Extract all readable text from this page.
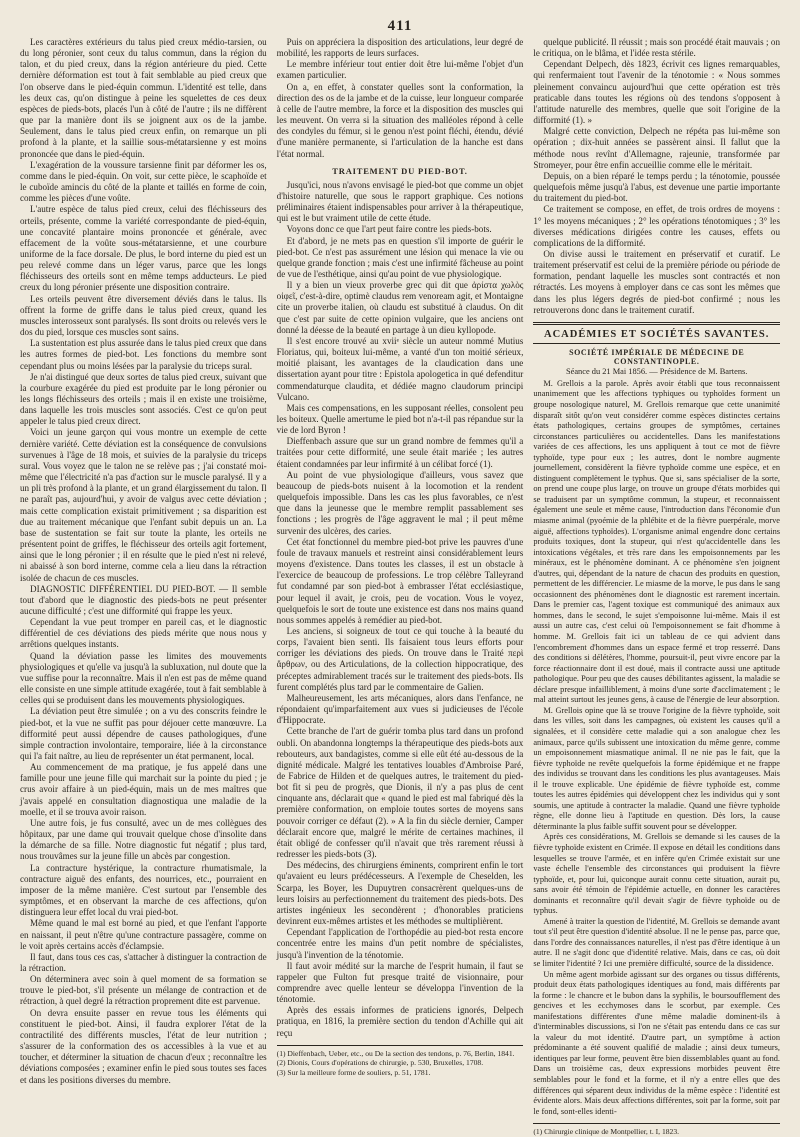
411

Les caractères extérieurs du talus pied creux médio-tarsien, ou du long péronier, sont ceux du talus commun, dans la région du talon, et du pied creux, dans la région antérieure du pied. Cette dernière déformation est tout à fait semblable au pied creux que l'on observe dans le pied-équin commun. L'identité est telle, dans les deux cas, qu'on distingue à peine les squelettes de ces deux espèces de pieds-bots, placés l'un à côté de l'autre ; ils ne diffèrent que par la manière dont ils se joignent aux os de la jambe. Seulement, dans le talus pied creux enfin, on remarque un pli profond à la plante, et la saillie sous-métatarsienne y est moins prononcée que dans le pied-équin.

L'exagération de la voussure tarsienne finit par déformer les os, comme dans le pied-équin. On voit, sur cette pièce, le scaphoïde et le cuboïde amincis du côté de la plante et taillés en forme de coin, comme les pièces d'une voûte.

L'autre espèce de talus pied creux, celui des fléchisseurs des orteils, présente, comme la variété correspondante de pied-équin, une concavité plantaire moins prononcée et générale, avec effacement de la voûte sous-métatarsienne, et une courbure uniforme de la face dorsale. De plus, le bord interne du pied est un peu relevé comme dans un léger varus, parce que les longs fléchisseurs des orteils sont en même temps adducteurs. Le pied creux du long péronier présente une disposition contraire.

Les orteils peuvent être diversement déviés dans le talus. Ils offrent la forme de griffe dans le talus pied creux, quand les muscles interosseux sont paralysés. Ils sont droits ou relevés vers le dos du pied, lorsque ces muscles sont sains.

La sustentation est plus assurée dans le talus pied creux que dans les autres formes de pied-bot. Les fonctions du membre sont cependant plus ou moins lésées par la paralysie du triceps sural.

Je n'ai distingué que deux sortes de talus pied creux, suivant que la courbure exagérée du pied est produite par le long péronier ou les longs fléchisseurs des orteils ; mais il en existe une troisième, dans laquelle les trois muscles sont associés. C'est ce qu'on peut appeler le talus pied creux direct.

Voici un jeune garçon qui vous montre un exemple de cette dernière variété. Cette déviation est la conséquence de convulsions survenues à l'âge de 18 mois, et suivies de la paralysie du triceps sural. Vous voyez que le talon ne se relève pas ; j'ai constaté moi-même que l'électricité n'a pas d'action sur le muscle paralysé. Il y a un pli très profond à la plante, et un grand élargissement du talon. Il ne paraît pas, aujourd'hui, y avoir de valgus avec cette déviation ; mais cette complication existait primitivement ; sa disparition est due au traitement mécanique que l'enfant subit depuis un an. La base de sustentation se fait sur toute la plante, les orteils ne présentent point de griffes, le fléchisseur des orteils agit fortement, ainsi que le long péronier ; il en résulte que le pied n'est ni relevé, ni abaissé à son bord interne, comme cela a lieu dans la rétraction isolée de chacun de ces muscles.

DIAGNOSTIC DIFFÉRENTIEL DU PIED-BOT. — Il semble tout d'abord que le diagnostic des pieds-bots ne peut présenter aucune difficulté ; c'est une difformité qui frappe les yeux.

Cependant la vue peut tromper en pareil cas, et le diagnostic différentiel de ces déviations des pieds mérite que nous nous y arrêtions quelques instants.

Quand la déviation passe les limites des mouvements physiologiques et qu'elle va jusqu'à la subluxation, nul doute que la vue suffise pour la reconnaître. Mais il n'en est pas de même quand elle consiste en une simple attitude exagérée, tout à fait semblable à celles qui se produisent dans les mouvements physiologiques.

La déviation peut être simulée ; on a vu des conscrits feindre le pied-bot, et la vue ne suffit pas pour déjouer cette manœuvre. La difformité peut aussi dépendre de causes pathologiques, d'une simple contraction involontaire, temporaire, liée à la circonstance qui l'a fait naître, au lieu de représenter un état permanent, local.

Au commencement de ma pratique, je fus appelé dans une famille pour une jeune fille qui marchait sur la pointe du pied ; je crus avoir affaire à un pied-équin, mais un de mes maîtres que j'avais appelé en consultation diagnostiqua une maladie de la moelle, et il se trouva avoir raison.

Une autre fois, je fus consulté, avec un de mes collègues des hôpitaux, par une dame qui trouvait quelque chose d'insolite dans la démarche de sa fille. Notre diagnostic fut négatif ; plus tard, nous trouvâmes sur la jeune fille un abcès par congestion.

La contracture hystérique, la contracture rhumatismale, la contracture aiguë des enfants, des nourrices, etc., pourraient en imposer de la même manière. C'est surtout par l'ensemble des symptômes, et en observant la marche de ces affections, qu'on distinguera leur effet local du vrai pied-bot.

Même quand le mal est borné au pied, et que l'enfant l'apporte en naissant, il peut n'être qu'une contracture passagère, comme on le voit après certains accès d'éclampsie.

Il faut, dans tous ces cas, s'attacher à distinguer la contraction de la rétraction.

On déterminera avec soin à quel moment de sa formation se trouve le pied-bot, s'il présente un mélange de contraction et de rétraction, à quel degré la rétraction proprement dite est parvenue.

On devra ensuite passer en revue tous les éléments qui constituent le pied-bot. Ainsi, il faudra explorer l'état de la contractilité des différents muscles, l'état de leur nutrition ; s'assurer de la conformation des os accessibles à la vue et au toucher, et déterminer la situation de chacun d'eux ; reconnaître les déviations composées ; examiner enfin le pied sous toutes ses faces et dans les positions diverses du membre.

Puis on appréciera la disposition des articulations, leur degré de mobilité, les rapports de leurs surfaces.

Le membre inférieur tout entier doit être lui-même l'objet d'un examen particulier.

On a, en effet, à constater quelles sont la conformation, la direction des os de la jambe et de la cuisse, leur longueur comparée à celle de l'autre membre, la force et la disposition des muscles qui les meuvent. On verra si la situation des malléoles répond à celle des condyles du fémur, si le genou n'est point fléchi, étendu, dévié d'une manière permanente, si l'articulation de la hanche est dans l'état normal.

TRAITEMENT DU PIED-BOT.

Jusqu'ici, nous n'avons envisagé le pied-bot que comme un objet d'histoire naturelle, que sous le rapport graphique. Ces notions préliminaires étaient indispensables pour arriver à la thérapeutique, qui est le but vraiment utile de cette étude.

Voyons donc ce que l'art peut faire contre les pieds-bots.

Et d'abord, je ne mets pas en question s'il importe de guérir le pied-bot. Ce n'est pas assurément une lésion qui menace la vie ou quelque grande fonction ; mais c'est une infirmité fâcheuse au point de vue de l'esthétique, ainsi qu'au point de vue physiologique.

Il y a bien un vieux proverbe grec qui dit que ἀρίστα χωλὸς οἰφεῖ, c'est-à-dire, optimè claudus rem venoream agit, et Montaigne cite un proverbe italien, où claudu est substitué à claudus. On dit que c'est par suite de cette opinion vulgaire, que les anciens ont donné la déesse de la beauté en partage à un dieu kyllopode.

Il s'est encore trouvé au xviiᵉ siècle un auteur nommé Mutius Floriatus, qui, boiteux lui-même, a vanté d'un ton moitié sérieux, moitié plaisant, les avantages de la claudication dans une dissertation ayant pour titre : Epistola apologetica in qué defenditur commendaturque claudita, et dédiée magno claudorum principi Vulcano.

Mais ces compensations, en les supposant réelles, consolent peu les boiteux. Quelle amertume le pied bot n'a-t-il pas répandue sur la vie de lord Byron !

Dieffenbach assure que sur un grand nombre de femmes qu'il a traitées pour cette difformité, une seule était mariée ; les autres étaient condamnées par leur infirmité à un célibat forcé (1).

Au point de vue physiologique d'ailleurs, vous savez que beaucoup de pieds-bots nuisent à la locomotion et la rendent quelquefois impossible. Dans les cas les plus favorables, ce n'est que dans la jeunesse que le membre remplit passablement ses fonctions ; les progrès de l'âge aggravent le mal ; il peut même survenir des ulcères, des caries.

Cet état fonctionnel du membre pied-bot prive les pauvres d'une foule de travaux manuels et restreint ainsi considérablement leurs moyens d'existence. Dans toutes les classes, il est un obstacle à l'exercice de beaucoup de professions. Le trop célèbre Talleyrand fut condamné par son pied-bot à embrasser l'état ecclésiastique, pour lequel il avait, je crois, peu de vocation. Vous le voyez, quelquefois le sort de toute une existence est dans nos mains quand nous sommes appelés à remédier au pied-bot.

Les anciens, si soigneux de tout ce qui touche à la beauté du corps, l'avaient bien senti. Ils faisaient tous leurs efforts pour corriger les déviations des pieds. On trouve dans le Traité περὶ ἄρθρων, ou des Articulations, de la collection hippocratique, des préceptes admirablement tracés sur le traitement des pieds-bots. Ils furent complétés plus tard par le commentaire de Galien.

Malheureusement, les arts mécaniques, alors dans l'enfance, ne répondaient qu'imparfaitement aux vues si judicieuses de l'école d'Hippocrate.

Cette branche de l'art de guérir tomba plus tard dans un profond oubli. On abandonna longtemps la thérapeutique des pieds-bots aux rebouteurs, aux bandagistes, comme si elle eût été au-dessous de la dignité médicale. Malgré les tentatives louables d'Ambroise Paré, de Fabrice de Hilden et de quelques autres, le traitement du pied-bot fit si peu de progrès, que Dionis, il n'y a pas plus de cent cinquante ans, déclarait que « quand le pied est mal fabriqué dès la première conformation, on emploie toutes sortes de moyens sans pouvoir corriger ce défaut (2). » A la fin du siècle dernier, Camper déclarait encore que, malgré le mérite de certaines machines, il était obligé de confesser qu'il n'avait que très rarement réussi à redresser les pieds-bots (3).

Des médecins, des chirurgiens éminents, comprirent enfin le tort qu'avaient eu leurs prédécesseurs. A l'exemple de Cheselden, les Scarpa, les Boyer, les Dupuytren consacrèrent quelques-uns de leurs loisirs au perfectionnement du traitement des pieds-bots. Des artistes ingénieux les secondèrent ; d'honorables praticiens devinrent eux-mêmes artistes et les méthodes se multiplièrent.

Cependant l'application de l'orthopédie au pied-bot resta encore concentrée entre les mains d'un petit nombre de spécialistes, jusqu'à l'invention de la ténotomie.

Il faut avoir médité sur la marche de l'esprit humain, il faut se rappeler que Fulton fut presque traité de visionnaire, pour comprendre avec quelle lenteur se développa l'invention de la ténotomie.

Après des essais informes de praticiens ignorés, Delpech pratiqua, en 1816, la première section du tendon d'Achille qui ait reçu

(1) Dieffenbach, Ueber, etc., ou De la section des tendons, p. 76, Berlin, 1841.

(2) Dionis, Cours d'opérations de chirurgie, p. 530, Bruxelles, 1708.

(3) Sur la meilleure forme de souliers, p. 51, 1781.

quelque publicité. Il réussit ; mais son procédé était mauvais ; on le critiqua, on le blâma, et l'idée resta stérile.

Cependant Delpech, dès 1823, écrivit ces lignes remarquables, qui renfermaient tout l'avenir de la ténotomie : « Nous sommes pleinement convaincu aujourd'hui que cette opération est très praticable dans toutes les régions où des tendons s'opposent à l'attitude naturelle des membres, quelle que soit l'origine de la difformité (1). »

Malgré cette conviction, Delpech ne répéta pas lui-même son opération ; dix-huit années se passèrent ainsi. Il fallut que la méthode nous revînt d'Allemagne, rajeunie, transformée par Stromeyer, pour être enfin accueillie comme elle le méritait.

Depuis, on a bien réparé le temps perdu ; la ténotomie, poussée quelquefois même jusqu'à l'abus, est devenue une partie importante du traitement du pied-bot.

Ce traitement se compose, en effet, de trois ordres de moyens : 1° les moyens mécaniques ; 2° les opérations ténotomiques ; 3° les diverses médications dirigées contre les causes, effets ou complications de la difformité.

On divise aussi le traitement en préservatif et curatif. Le traitement préservatif est celui de la première période ou période de formation, pendant laquelle les muscles sont contractés et non rétractés. Les moyens à employer dans ce cas sont les mêmes que dans les plus légers degrés de pied-bot confirmé ; nous les retrouverons donc dans le traitement curatif.

ACADÉMIES ET SOCIÉTÉS SAVANTES.
SOCIÉTÉ IMPÉRIALE DE MÉDECINE DE CONSTANTINOPLE.
Séance du 21 Mai 1856. — Présidence de M. Bartens.

M. Grellois a la parole. Après avoir établi que tous reconnaissent unanimement que les affections typhiques ou typhoïdes forment un groupe nosologique naturel, M. Grellois remarque que cette unanimité disparaît sitôt qu'on veut considérer comme espèces distinctes certains états pathologiques, certains groupes de symptômes, certaines circonstances particulières ou accidentelles. Dans les manifestations variées de ces affections, les uns appliquent à tout ce mot de fièvre typhoïde, type pour eux ; les autres, dont le nombre augmente journellement, considèrent la fièvre typhoïde comme une espèce, et en distinguent complètement le typhus. Que si, sans spécialiser de la sorte, on prend une coupe plus large, on trouve un groupe d'états morbides qui se traduisent par un symptôme commun, la stupeur, et reconnaissent également une seule et même cause, l'introduction dans l'économie d'un miasme animal (pyoémie de la phlébite et de la fièvre puerpérale, morve aiguë, affections typhoïdes). L'organisme animal engendre donc certains produits toxiques, dont la stupeur, qui n'est qu'accidentelle dans les intoxications végétales, et très rare dans les empoisonnements par les minéraux, est le phénomène dominant. A ce phénomène s'en joignent d'autres, qui, dépendant de la nature de chacun des produits en question, permettent de les différencier. Le miasme de la morve, le pus dans le sang occasionnent des phénomènes dont le diagnostic est rarement incertain. Dans le premier cas, l'agent toxique est communiqué des animaux aux hommes, dans le second, le sujet s'empoisonne lui-même. Mais il est aussi un autre cas, c'est celui où l'empoisonnement se fait d'homme à homme. M. Grellois fait ici un tableau de ce qui advient dans l'encombrement d'hommes dans un espace fermé et trop resserré. Dans des conditions si délétères, l'homme, poursuit-il, peut vivre encore par la force réactionnaire dont il est doué, mais il contracte aussi une aptitude pathologique. Pour peu que des causes débilitantes agissent, la maladie se déclare presque infailliblement, à moins d'une sorte d'acclimatement ; le mal atteint surtout les jeunes gens, à cause de l'énergie de leur absorption.

M. Grellois opine que là se trouve l'origine de la fièvre typhoïde, soit dans les villes, soit dans les campagnes, où existent les causes qu'il a signalées, et il considère cette maladie qui a son analogue chez les animaux, parce qu'ils subissent une intoxication du même genre, comme un empoisonnement miasmatique animal. Il ne nie pas le fait, que la fièvre typhoïde ne revête quelquefois la forme épidémique et ne frappe des individus se trouvant dans les conditions les plus avantageuses. Mais il le trouve explicable. Une épidémie de fièvre typhoïde est, comme toutes les autres épidémies qui développent chez les individus qui y sont soumis, une aptitude à contracter la maladie. Quand une fièvre typhoïde règne, elle donne lieu à l'aptitude en question. Dès lors, la cause déterminante la plus faible suffit souvent pour se développer.

Après ces considérations, M. Grellois se demande si les causes de la fièvre typhoïde existent en Crimée. Il expose en détail les conditions dans lesquelles se trouve l'armée, et en infère qu'en Crimée existait sur une vaste échelle l'ensemble des circonstances qui produisent la fièvre typhoïde, et, pour lui, quiconque aurait connu cette situation, aurait pu, sans avoir été témoin de l'épidémie actuelle, en donner les caractères dominants et reconnaître qu'il devait s'agir de fièvre typhoïde ou de typhus.

Amené à traiter la question de l'identité, M. Grellois se demande avant tout s'il peut être question d'identité absolue. Il ne le pense pas, parce que, dans l'ordre des connaissances naturelles, il n'est pas d'être identique à un autre. Il ne s'agit donc que d'identité relative. Mais, dans ce cas, où doit se limiter l'identité ? Ici une première difficulté, source de la dissidence.

Un même agent morbide agissant sur des organes ou tissus différents, produit deux états pathologiques identiques au fond, mais différents par la forme : le chancre et le bubon dans la syphilis, le boursoufflement des gencives et les ecchymoses dans le scorbut, par exemple. Ces manifestations différentes d'une même maladie dominent-ils à d'interminables discussions, si l'on ne s'était pas entendu dans ce cas sur la valeur du mot identité. D'autre part, un symptôme à action prédominante a été souvent qualifié de maladie ; ainsi deux tumeurs, identiques par leur forme, peuvent être bien dissemblables quant au fond. Dans un troisième cas, deux expressions morbides peuvent être semblables pour le fond et la forme, et il n'y a entre elles que des différences qui séparent deux individus de la même espèce : l'identité est évidente alors. Mais deux affections différentes, soit par la forme, soit par le fond, sont-elles identi-

(1) Chirurgie clinique de Montpellier, t. I, 1823.
